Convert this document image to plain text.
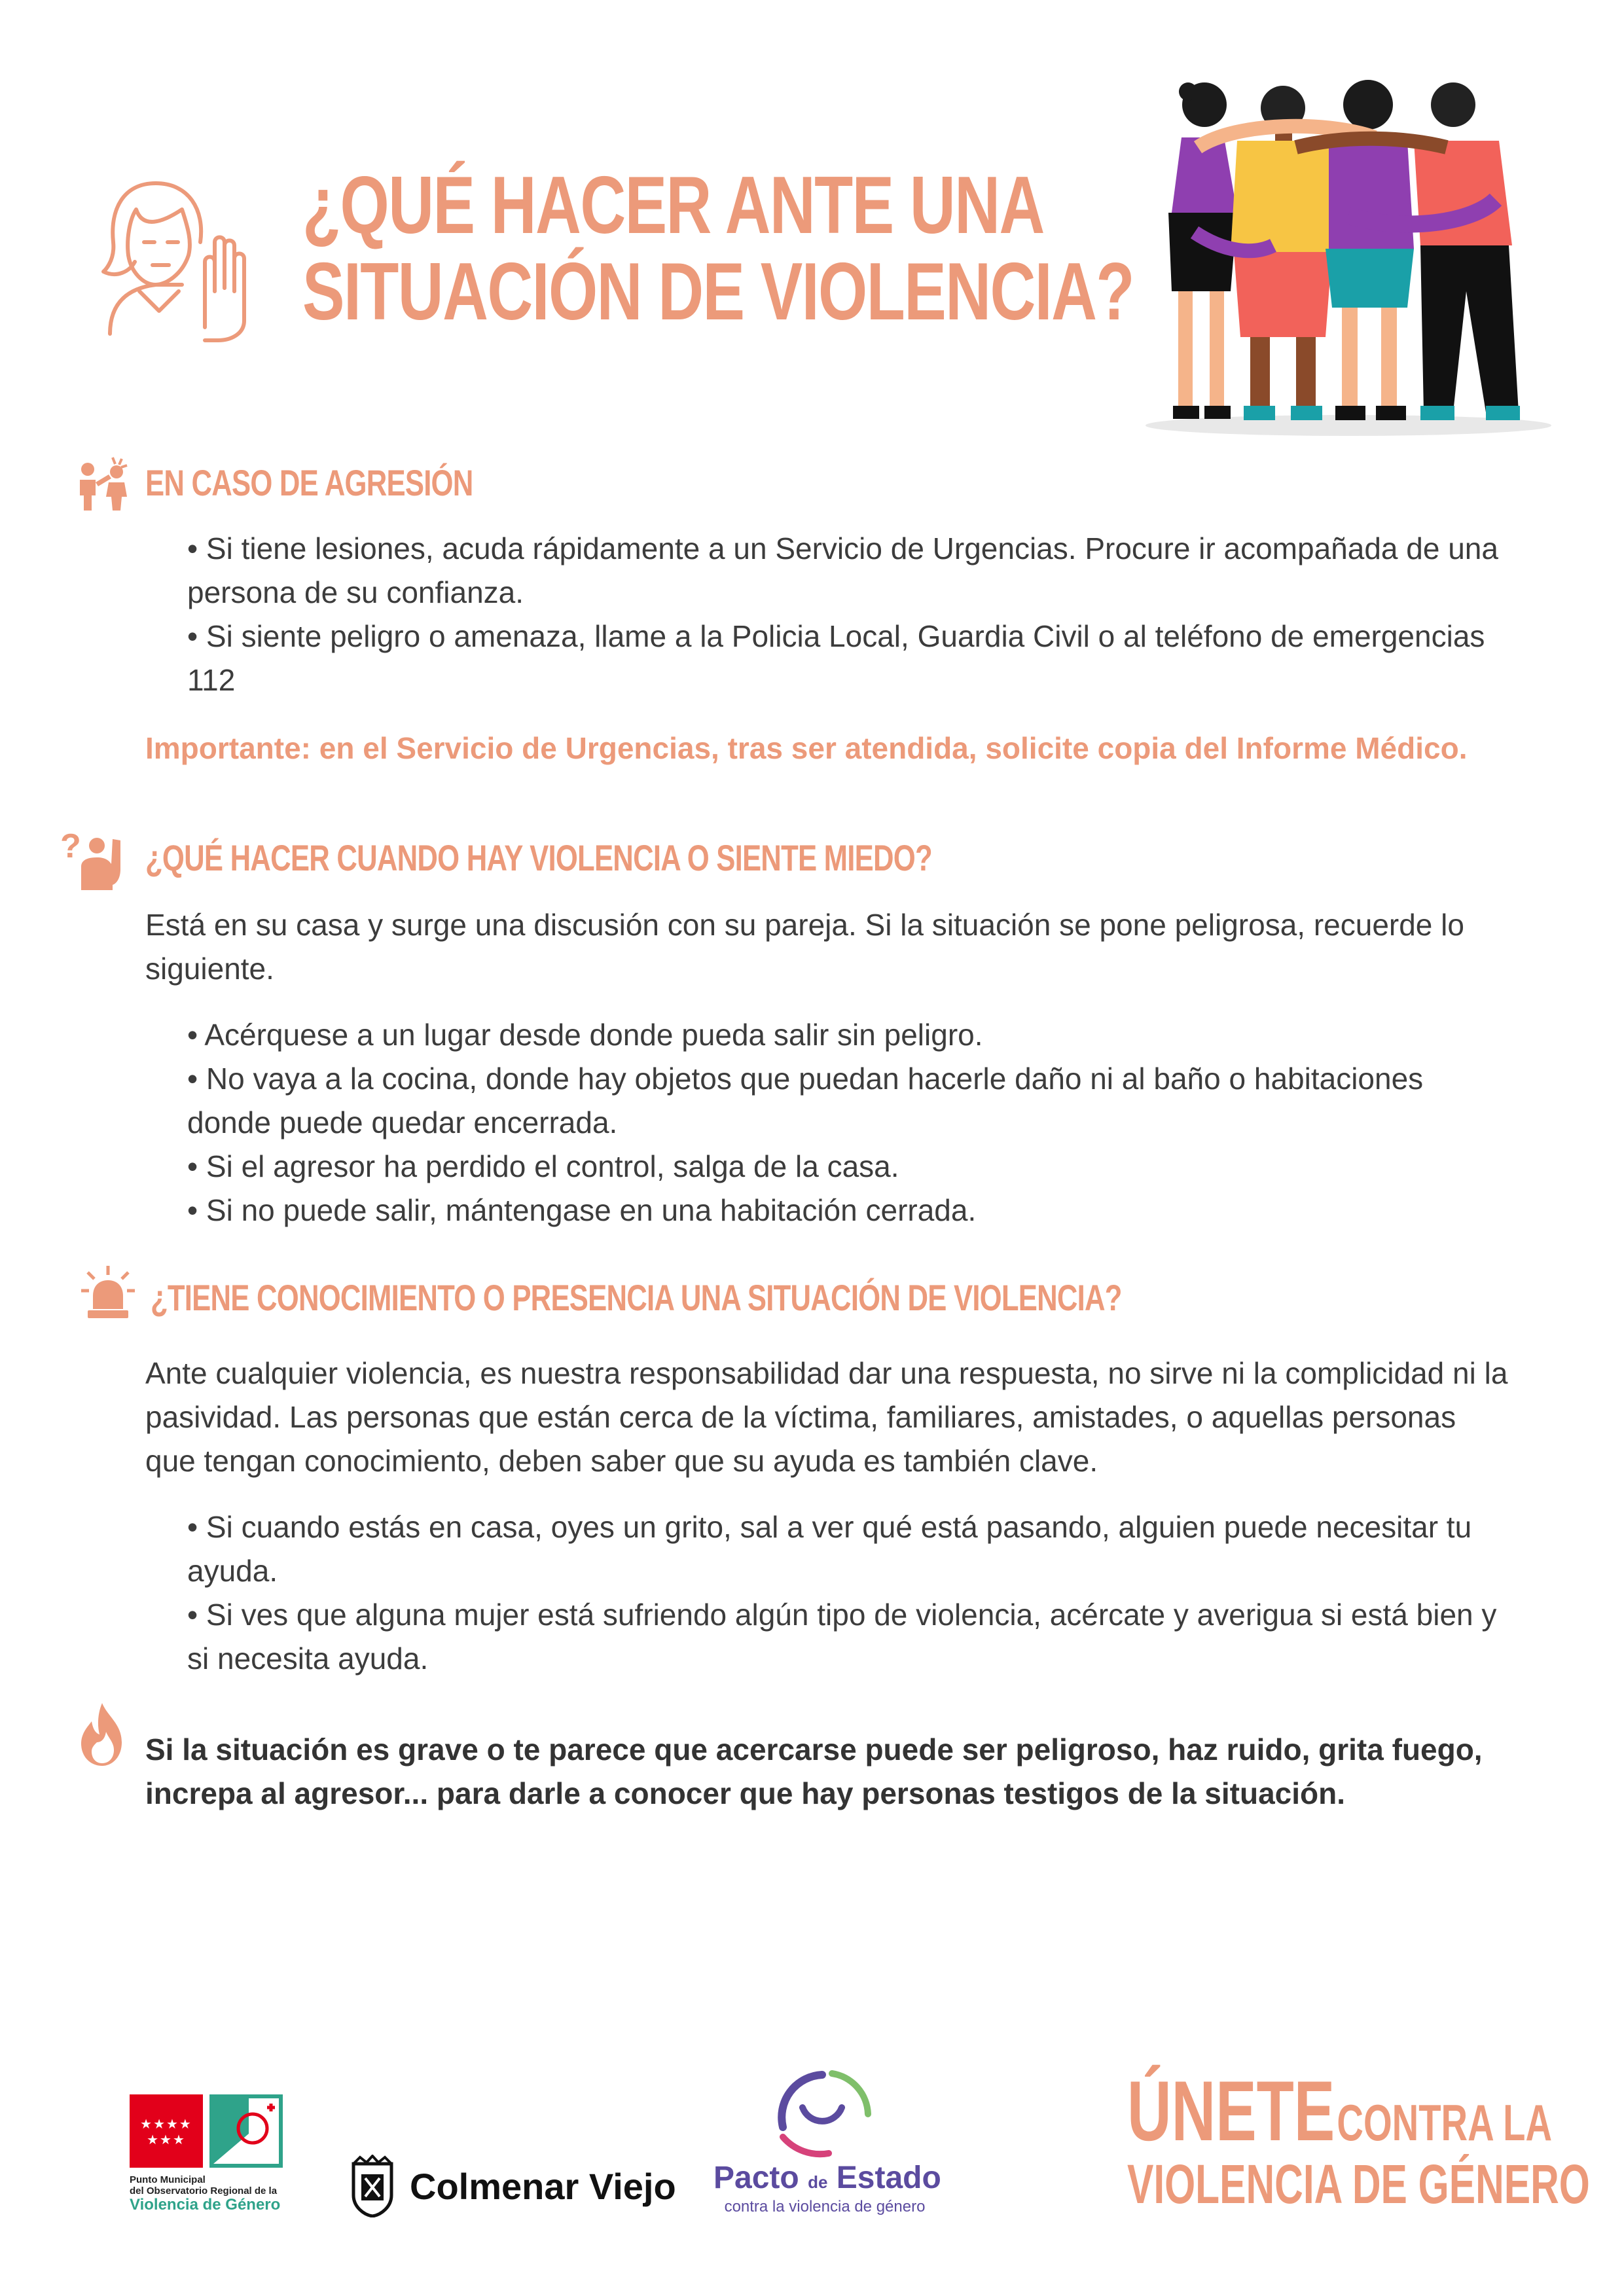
¿QUÉ HACER ANTE UNA
SITUACIÓN DE VIOLENCIA?
EN CASO DE AGRESIÓN

• Si tiene lesiones, acuda rápidamente a un Servicio de Urgencias. Procure ir acompañada de una persona de su confianza.

• Si siente peligro o amenaza, llame a la Policia Local, Guardia Civil o al teléfono de emergencias 112

Importante: en el Servicio de Urgencias, tras ser atendida, solicite copia del Informe Médico.
? ¿QUÉ HACER CUANDO HAY VIOLENCIA O SIENTE MIEDO?
Está en su casa y surge una discusión con su pareja. Si la situación se pone peligrosa, recuerde lo siguiente.

• Acérquese a un lugar desde donde pueda salir sin peligro.

• No vaya a la cocina, donde hay objetos que puedan hacerle daño ni al baño o habitaciones donde puede quedar encerrada.

• Si el agresor ha perdido el control, salga de la casa.

• Si no puede salir, mántengase en una habitación cerrada.

¿TIENE CONOCIMIENTO O PRESENCIA UNA SITUACIÓN DE VIOLENCIA?
Ante cualquier violencia, es nuestra responsabilidad dar una respuesta, no sirve ni la complicidad ni la pasividad. Las personas que están cerca de la víctima, familiares, amistades, o aquellas personas que tengan conocimiento, deben saber que su ayuda es también clave.

• Si cuando estás en casa, oyes un grito, sal a ver qué está pasando, alguien puede necesitar tu ayuda.

• Si ves que alguna mujer está sufriendo algún tipo de violencia, acércate y averigua si está bien y si necesita ayuda.

Si la situación es grave o te parece que acercarse puede ser peligroso, haz ruido, grita fuego, increpa al agresor... para darle a conocer que hay personas testigos de la situación.
★★★★
★★★
Punto Municipal
del Observatorio Regional de la
Violencia de Género	Colmenar Viejo Pacto de Estado
contra la violencia de género
ÚNETE CONTRA LA
VIOLENCIA DE GÉNERO
